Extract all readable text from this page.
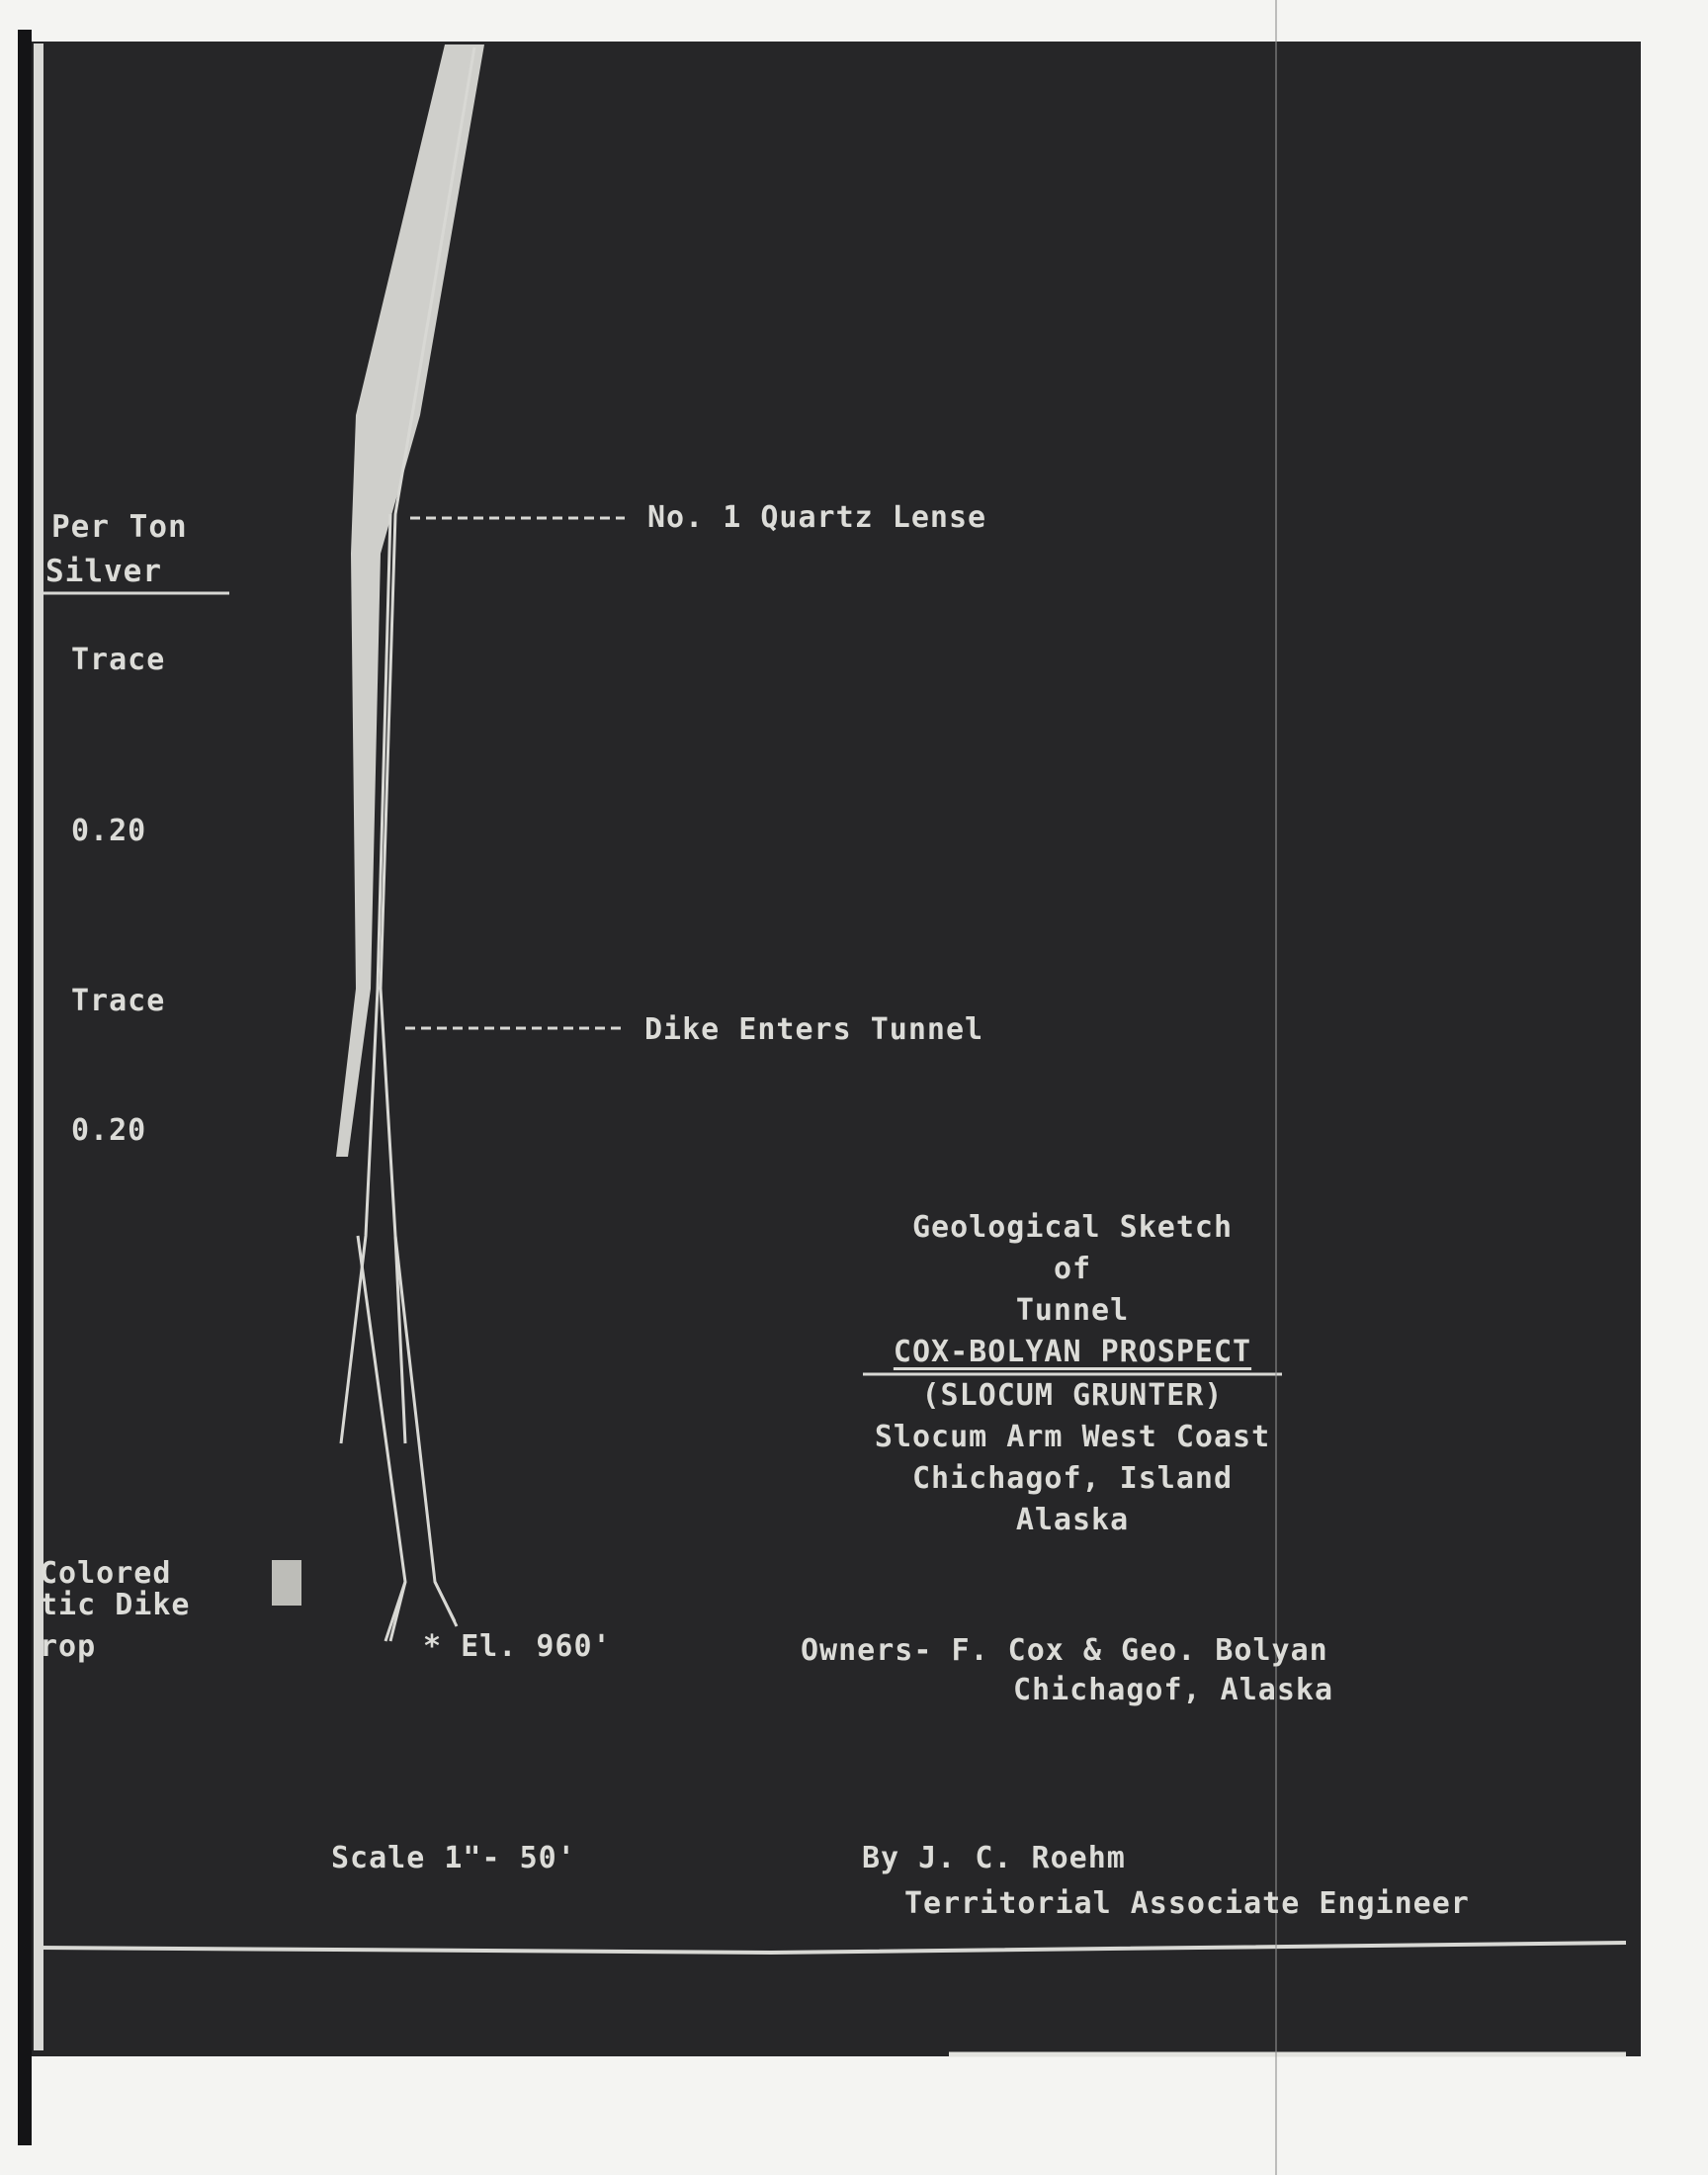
Per Ton
Silver
Trace
0.20
Trace
0.20
Colored
tic Dike
rop
No. 1 Quartz Lense
Dike Enters Tunnel
* El. 960'
Geological Sketch
of
Tunnel
COX-BOLYAN PROSPECT
(SLOCUM GRUNTER)
Slocum Arm West Coast
Chichagof, Island
Alaska
Owners- F. Cox & Geo. Bolyan
Chichagof, Alaska
Scale 1"- 50'	By J. C. Roehm
Territorial Associate Engineer
